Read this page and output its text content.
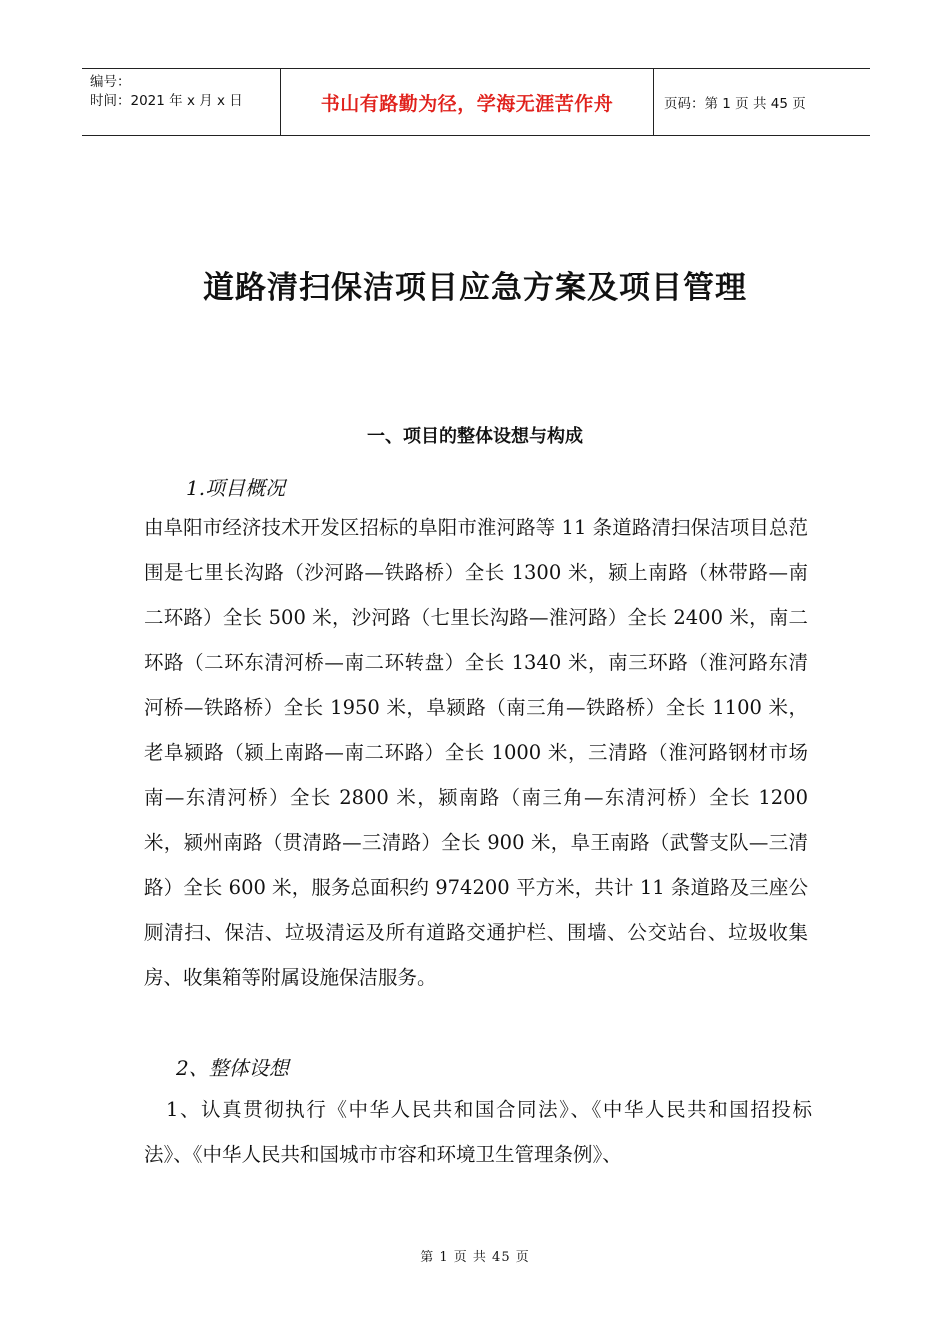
编号：
时间：2021 年 x 月 x 日	书山有路勤为径，学海无涯苦作舟	页码：第 1 页 共 45 页
道路清扫保洁项目应急方案及项目管理
一、项目的整体设想与构成
1.项目概况
由阜阳市经济技术开发区招标的阜阳市淮河路等 11 条道路清扫保洁项目总范围是七里长沟路（沙河路—铁路桥）全长 1300 米，颍上南路（林带路—南二环路）全长 500 米，沙河路（七里长沟路—淮河路）全长 2400 米，南二环路（二环东清河桥—南二环转盘）全长 1340 米，南三环路（淮河路东清河桥—铁路桥）全长 1950 米，阜颍路（南三角—铁路桥）全长 1100 米，老阜颍路（颍上南路—南二环路）全长 1000 米，三清路（淮河路钢材市场南—东清河桥）全长 2800 米，颍南路（南三角—东清河桥）全长 1200 米，颍州南路（贯清路—三清路）全长 900 米，阜王南路（武警支队—三清路）全长 600 米，服务总面积约 974200 平方米，共计 11 条道路及三座公厕清扫、保洁、垃圾清运及所有道路交通护栏、围墙、公交站台、垃圾收集房、收集箱等附属设施保洁服务。
2、整体设想
1、认真贯彻执行《中华人民共和国合同法》、《中华人民共和国招投标法》、《中华人民共和国城市市容和环境卫生管理条例》、
第 1 页 共 45 页
